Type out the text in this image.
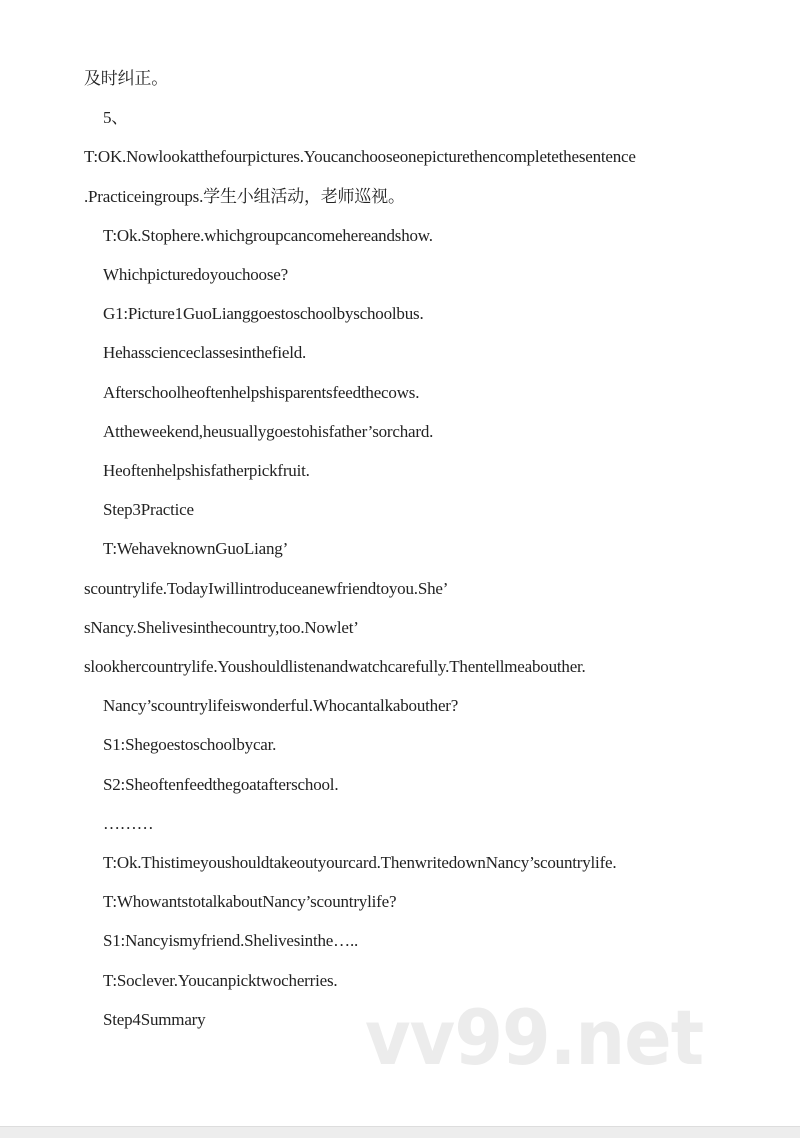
vv99.net
及时纠正。
5、
T:OK.Nowlookatthefourpictures.Youcanchooseonepicturethencompletethesentence
.Practiceingroups.学生小组活动，老师巡视。
T:Ok.Stophere.whichgroupcancomehereandshow.
Whichpicturedoyouchoose?
G1:Picture1GuoLianggoestoschoolbyschoolbus.
Hehasscienceclassesinthefield.
Afterschoolheoftenhelpshisparentsfeedthecows.
Attheweekend,heusuallygoestohisfather’sorchard.
Heoftenhelpshisfatherpickfruit.
Step3Practice
T:WehaveknownGuoLiang’
scountrylife.TodayIwillintroduceanewfriendtoyou.She’
sNancy.Shelivesinthecountry,too.Nowlet’
slookhercountrylife.Youshouldlistenandwatchcarefully.Thentellmeabouther.
Nancy’scountrylifeiswonderful.Whocantalkabouther?
S1:Shegoestoschoolbycar.
S2:Sheoftenfeedthegoatafterschool.
………
T:Ok.Thistimeyoushouldtakeoutyourcard.ThenwritedownNancy’scountrylife.
T:WhowantstotalkaboutNancy’scountrylife?
S1:Nancyismyfriend.Shelivesinthe…..
T:Soclever.Youcanpicktwocherries.
Step4Summary
